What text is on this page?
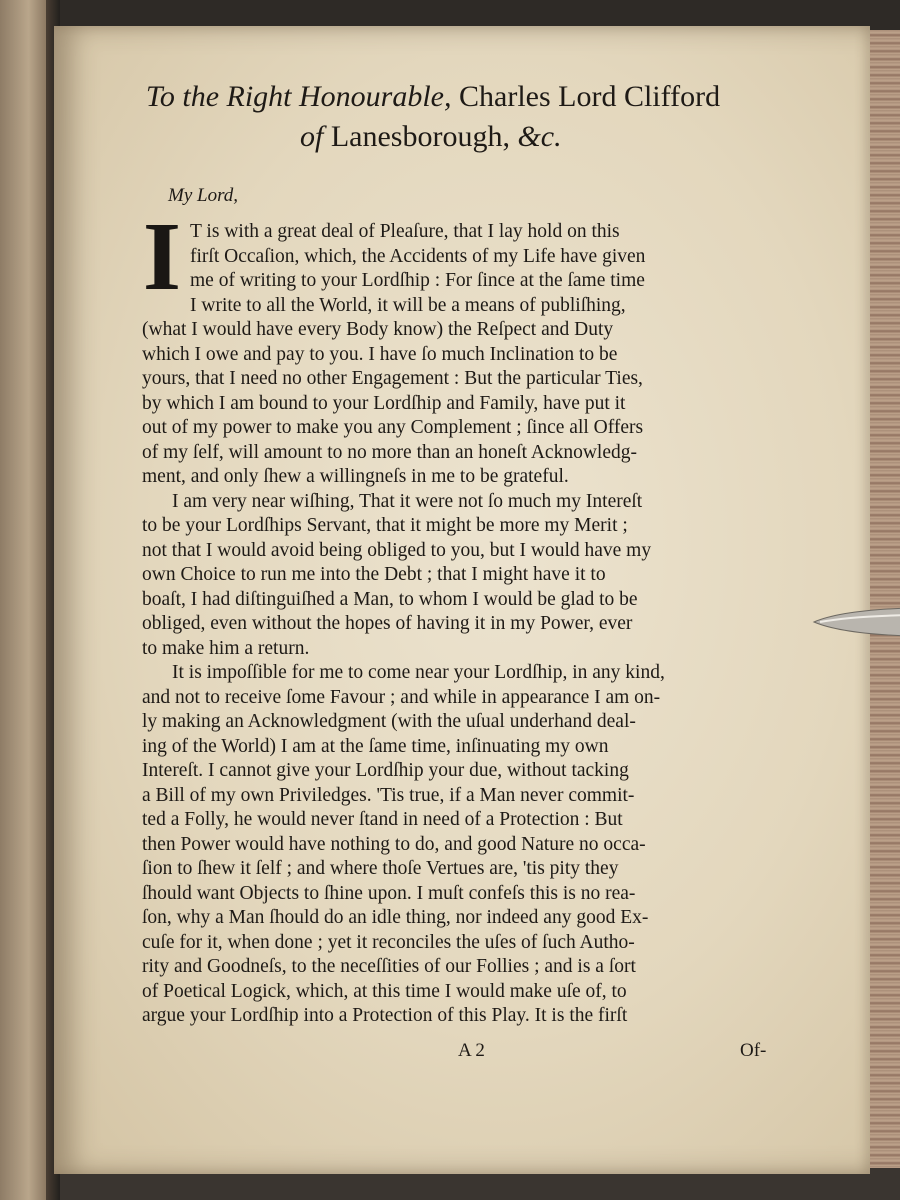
To the Right Honourable, Charles Lord Clifford
of Lanesborough, &c.
My Lord,
I T is with a great deal of Pleaſure, that I lay hold on this
firſt Occaſion, which, the Accidents of my Life have given
me of writing to your Lordſhip : For ſince at the ſame time
I write to all the World, it will be a means of publiſhing,
(what I would have every Body know) the Reſpect and Duty
which I owe and pay to you. I have ſo much Inclination to be
yours, that I need no other Engagement : But the particular Ties,
by which I am bound to your Lordſhip and Family, have put it
out of my power to make you any Complement ; ſince all Offers
of my ſelf, will amount to no more than an honeſt Acknowledg-
ment, and only ſhew a willingneſs in me to be grateful.
I am very near wiſhing, That it were not ſo much my Intereſt
to be your Lordſhips Servant, that it might be more my Merit ;
not that I would avoid being obliged to you, but I would have my
own Choice to run me into the Debt ; that I might have it to
boaſt, I had diſtinguiſhed a Man, to whom I would be glad to be
obliged, even without the hopes of having it in my Power, ever
to make him a return.
It is impoſſible for me to come near your Lordſhip, in any kind,
and not to receive ſome Favour ; and while in appearance I am on-
ly making an Acknowledgment (with the uſual underhand deal-
ing of the World) I am at the ſame time, inſinuating my own
Intereſt. I cannot give your Lordſhip your due, without tacking
a Bill of my own Priviledges. 'Tis true, if a Man never commit-
ted a Folly, he would never ſtand in need of a Protection : But
then Power would have nothing to do, and good Nature no occa-
ſion to ſhew it ſelf ; and where thoſe Vertues are, 'tis pity they
ſhould want Objects to ſhine upon. I muſt confeſs this is no rea-
ſon, why a Man ſhould do an idle thing, nor indeed any good Ex-
cuſe for it, when done ; yet it reconciles the uſes of ſuch Autho-
rity and Goodneſs, to the neceſſities of our Follies ; and is a ſort
of Poetical Logick, which, at this time I would make uſe of, to
argue your Lordſhip into a Protection of this Play. It is the firſt
A 2	Of-
